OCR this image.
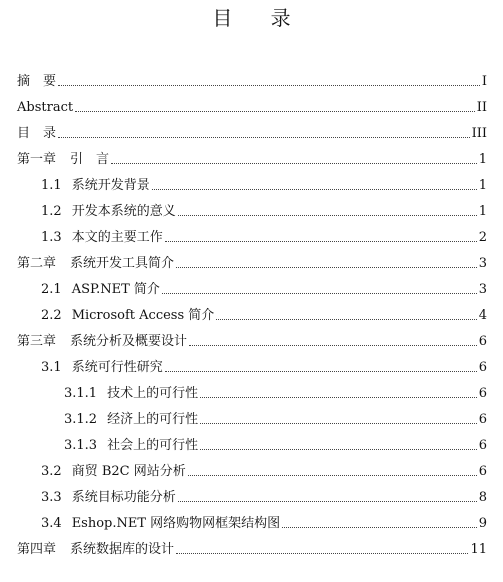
目 录
摘　要	I
Abstract	II
目　录	III
第一章 引　言	1
1.1 系统开发背景	1
1.2 开发本系统的意义	1
1.3 本文的主要工作	2
第二章 系统开发工具简介	3
2.1 ASP.NET 简介	3
2.2 Microsoft Access 简介	4
第三章 系统分析及概要设计	6
3.1 系统可行性研究	6
3.1.1 技术上的可行性	6
3.1.2 经济上的可行性	6
3.1.3 社会上的可行性	6
3.2 商贸 B2C 网站分析	6
3.3 系统目标功能分析	8
3.4 Eshop.NET 网络购物网框架结构图	9
第四章 系统数据库的设计	11
